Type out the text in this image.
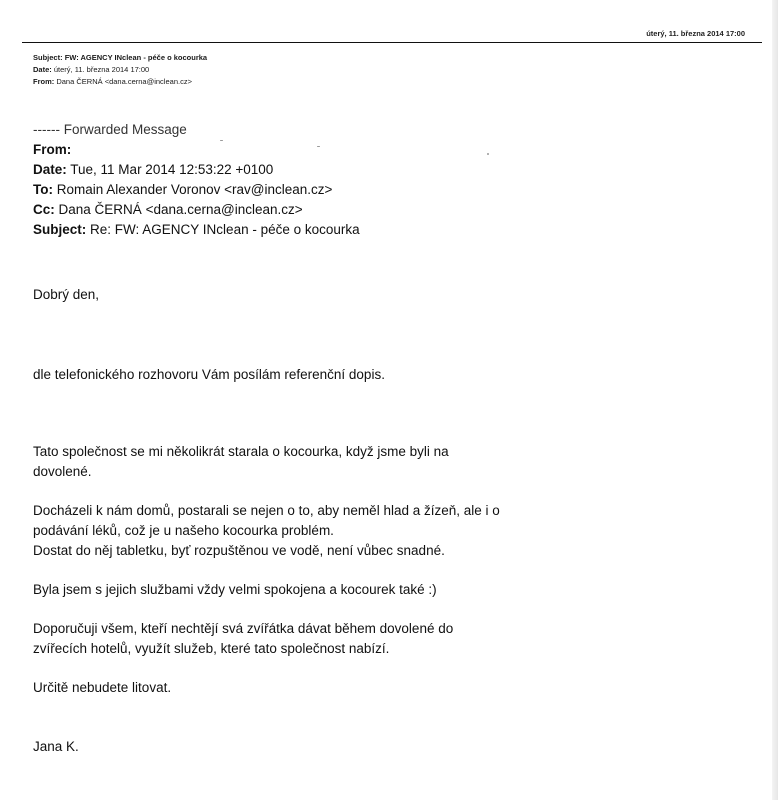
úterý, 11. března 2014 17:00
Subject: FW: AGENCY INclean - péče o kocourka
Date: úterý, 11. března 2014 17:00
From: Dana ČERNÁ <dana.cerna@inclean.cz>
------ Forwarded Message
From:
Date: Tue, 11 Mar 2014 12:53:22 +0100
To: Romain Alexander Voronov <rav@inclean.cz>
Cc: Dana ČERNÁ <dana.cerna@inclean.cz>
Subject: Re: FW: AGENCY INclean - péče o kocourka
Dobrý den,
dle telefonického rozhovoru Vám posílám referenční dopis.
Tato společnost se mi několikrát starala o kocourka, když jsme byli na
dovolené.
Docházeli k nám domů, postarali se nejen o to, aby neměl hlad a žízeň, ale i o
podávání léků, což je u našeho kocourka problém.
Dostat do něj tabletku, byť rozpuštěnou ve vodě, není vůbec snadné.
Byla jsem s jejich službami vždy velmi spokojena a kocourek také :)
Doporučuji všem, kteří nechtějí svá zvířátka dávat během dovolené do
zvířecích hotelů, využít služeb, které tato společnost nabízí.
Určitě nebudete litovat.
Jana K.
